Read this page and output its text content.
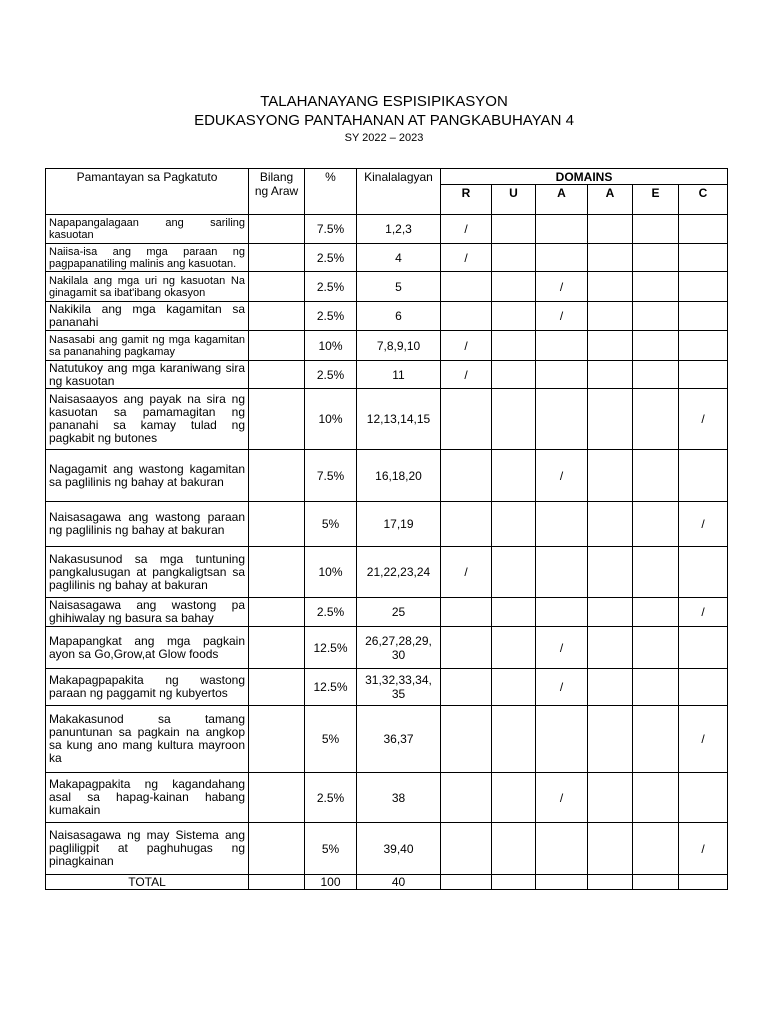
TALAHANAYANG ESPISIPIKASYON
EDUKASYONG PANTAHANAN AT PANGKABUHAYAN 4
SY 2022 – 2023
Pamantayan sa Pagkatuto	Bilang ng Araw	%	Kinalalagyan	DOMAINS					
				R	U	A	A	E	C
Napapangalagaan ang sariling kasuotan		7.5%	1,2,3	/					
Naiisa-isa ang mga paraan ng pagpapanatiling malinis ang kasuotan.		2.5%	4	/					
Nakilala ang mga uri ng kasuotan Na ginagamit sa ibat'ibang okasyon		2.5%	5			/			
Nakikila ang mga kagamitan sa pananahi		2.5%	6			/			
Nasasabi ang gamit ng mga kagamitan sa pananahing pagkamay		10%	7,8,9,10	/					
Natutukoy ang mga karaniwang sira ng kasuotan		2.5%	11	/					
Naisasaayos ang payak na sira ng kasuotan sa pamamagitan ng pananahi sa kamay tulad ng pagkabit ng butones		10%	12,13,14,15						/
Nagagamit ang wastong kagamitan sa paglilinis ng bahay at bakuran		7.5%	16,18,20			/			
Naisasagawa ang wastong paraan ng paglilinis ng bahay at bakuran		5%	17,19						/
Nakasusunod sa mga tuntuning pangkalusugan at pangkaligtsan sa paglilinis ng bahay at bakuran		10%	21,22,23,24	/					
Naisasagawa ang wastong pa ghihiwalay ng basura sa bahay		2.5%	25						/
Mapapangkat ang mga pagkain ayon sa Go,Grow,at Glow foods		12.5%	26,27,28,29, 30			/			
Makapagpapakita ng wastong paraan ng paggamit ng kubyertos		12.5%	31,32,33,34, 35			/			
Makakasunod sa tamang panuntunan sa pagkain na angkop sa kung ano mang kultura mayroon ka		5%	36,37						/
Makapagpakita ng kagandahang asal sa hapag-kainan habang kumakain		2.5%	38			/			
Naisasagawa ng may Sistema ang pagliligpit at paghuhugas ng pinagkainan		5%	39,40						/
TOTAL		100	40						
